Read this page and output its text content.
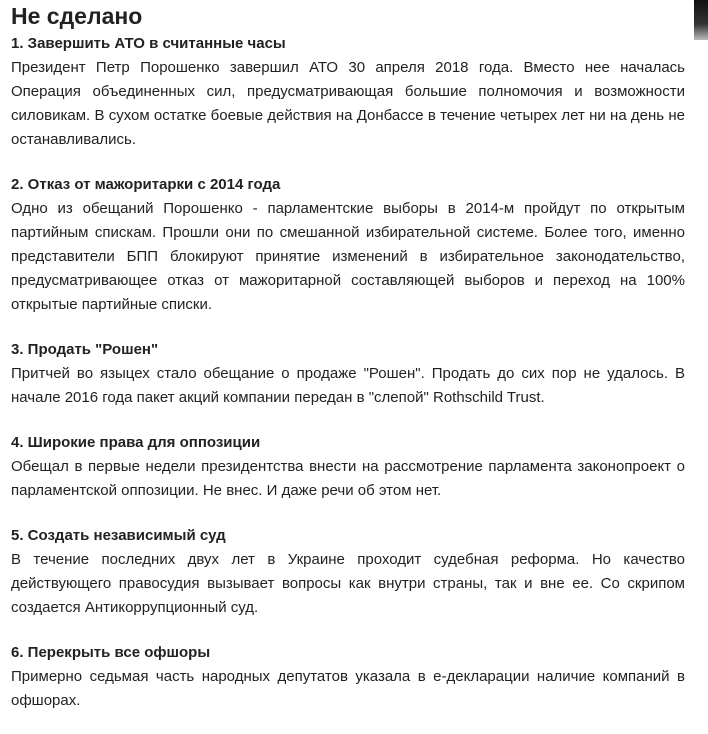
Не сделано
1. Завершить АТО в считанные часы

Президент Петр Порошенко завершил АТО 30 апреля 2018 года. Вместо нее началась Операция объединенных сил, предусматривающая большие полномочия и возможности силовикам. В сухом остатке боевые действия на Донбассе в течение четырех лет ни на день не останавливались.

2. Отказ от мажоритарки с 2014 года

Одно из обещаний Порошенко - парламентские выборы в 2014-м пройдут по открытым партийным спискам. Прошли они по смешанной избирательной системе. Более того, именно представители БПП блокируют принятие изменений в избирательное законодательство, предусматривающее отказ от мажоритарной составляющей выборов и переход на 100% открытые партийные списки.

3. Продать "Рошен"

Притчей во языцех стало обещание о продаже "Рошен". Продать до сих пор не удалось. В начале 2016 года пакет акций компании передан в "слепой" Rothschild Trust.

4. Широкие права для оппозиции

Обещал в первые недели президентства внести на рассмотрение парламента законопроект о парламентской оппозиции. Не внес. И даже речи об этом нет.

5. Создать независимый суд

В течение последних двух лет в Украине проходит судебная реформа. Но качество действующего правосудия вызывает вопросы как внутри страны, так и вне ее. Со скрипом создается Антикоррупционный суд.

6. Перекрыть все офшоры

Примерно седьмая часть народных депутатов указала в е-декларации наличие компаний в офшорах.
